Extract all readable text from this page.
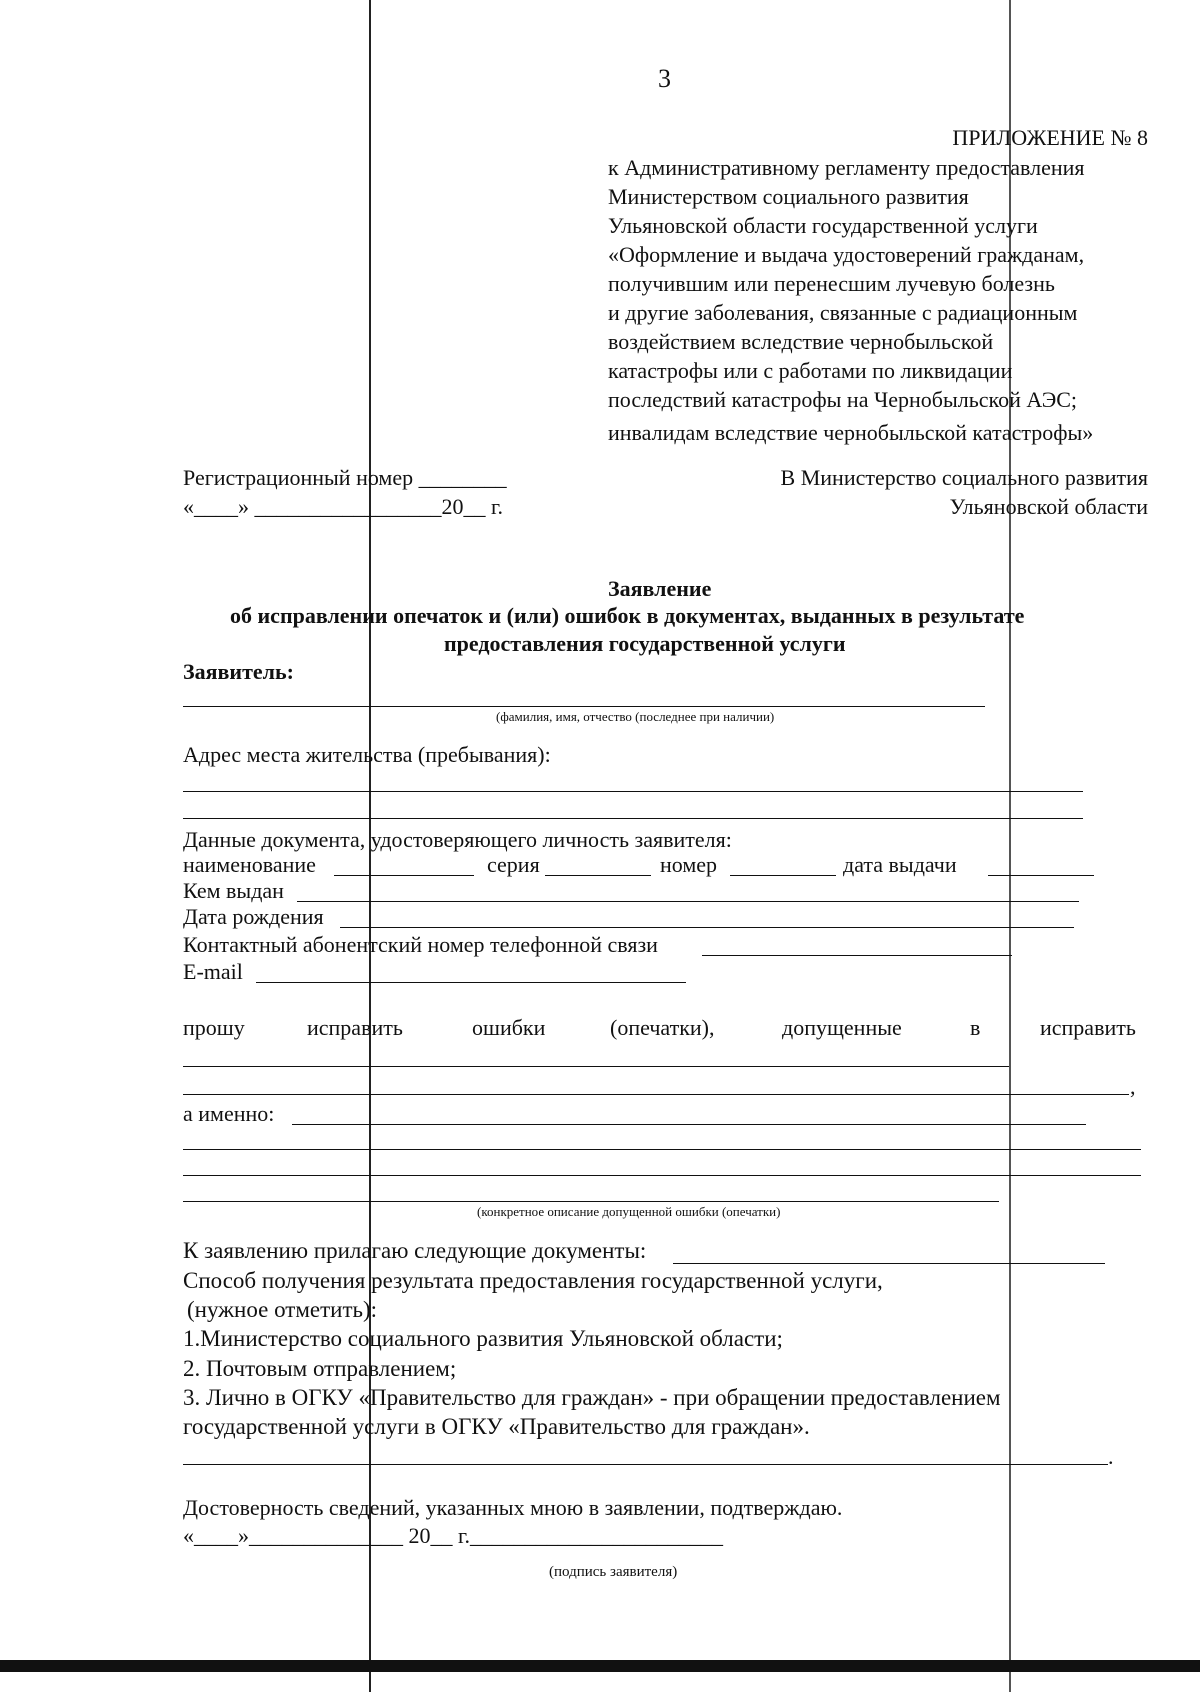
3
ПРИЛОЖЕНИЕ № 8
к Административному регламенту предоставления
Министерством социального развития
Ульяновской области государственной услуги
«Оформление и выдача удостоверений гражданам,
получившим или перенесшим лучевую болезнь
и другие заболевания, связанные с радиационным
воздействием вследствие чернобыльской
катастрофы или с работами по ликвидации
последствий катастрофы на Чернобыльской АЭС;
инвалидам вследствие чернобыльской катастрофы»
Регистрационный номер ________
«____» _________________20__ г.
В Министерство социального развития
Ульяновской области
Заявление
об исправлении опечаток и (или) ошибок в документах, выданных в результате
предоставления государственной услуги
Заявитель:
(фамилия, имя, отчество (последнее при наличии)
Адрес места жительства (пребывания):
Данные документа, удостоверяющего личность заявителя:
наименование	серия	номер	дата выдачи
Кем выдан
Дата рождения
Контактный абонентский номер телефонной связи
E-mail
прошу	исправить	ошибки	(опечатки),	допущенные	в	исправить
,
а именно:
(конкретное описание допущенной ошибки (опечатки)
К заявлению прилагаю следующие документы:
Способ получения результата предоставления государственной услуги,
(нужное отметить):
1.Министерство социального развития Ульяновской области;
2. Почтовым отправлением;
3. Лично в ОГКУ «Правительство для граждан» - при обращении предоставлением
государственной услуги в ОГКУ «Правительство для граждан».
.
Достоверность сведений, указанных мною в заявлении, подтверждаю.
«____»______________ 20__ г._______________________
(подпись заявителя)
